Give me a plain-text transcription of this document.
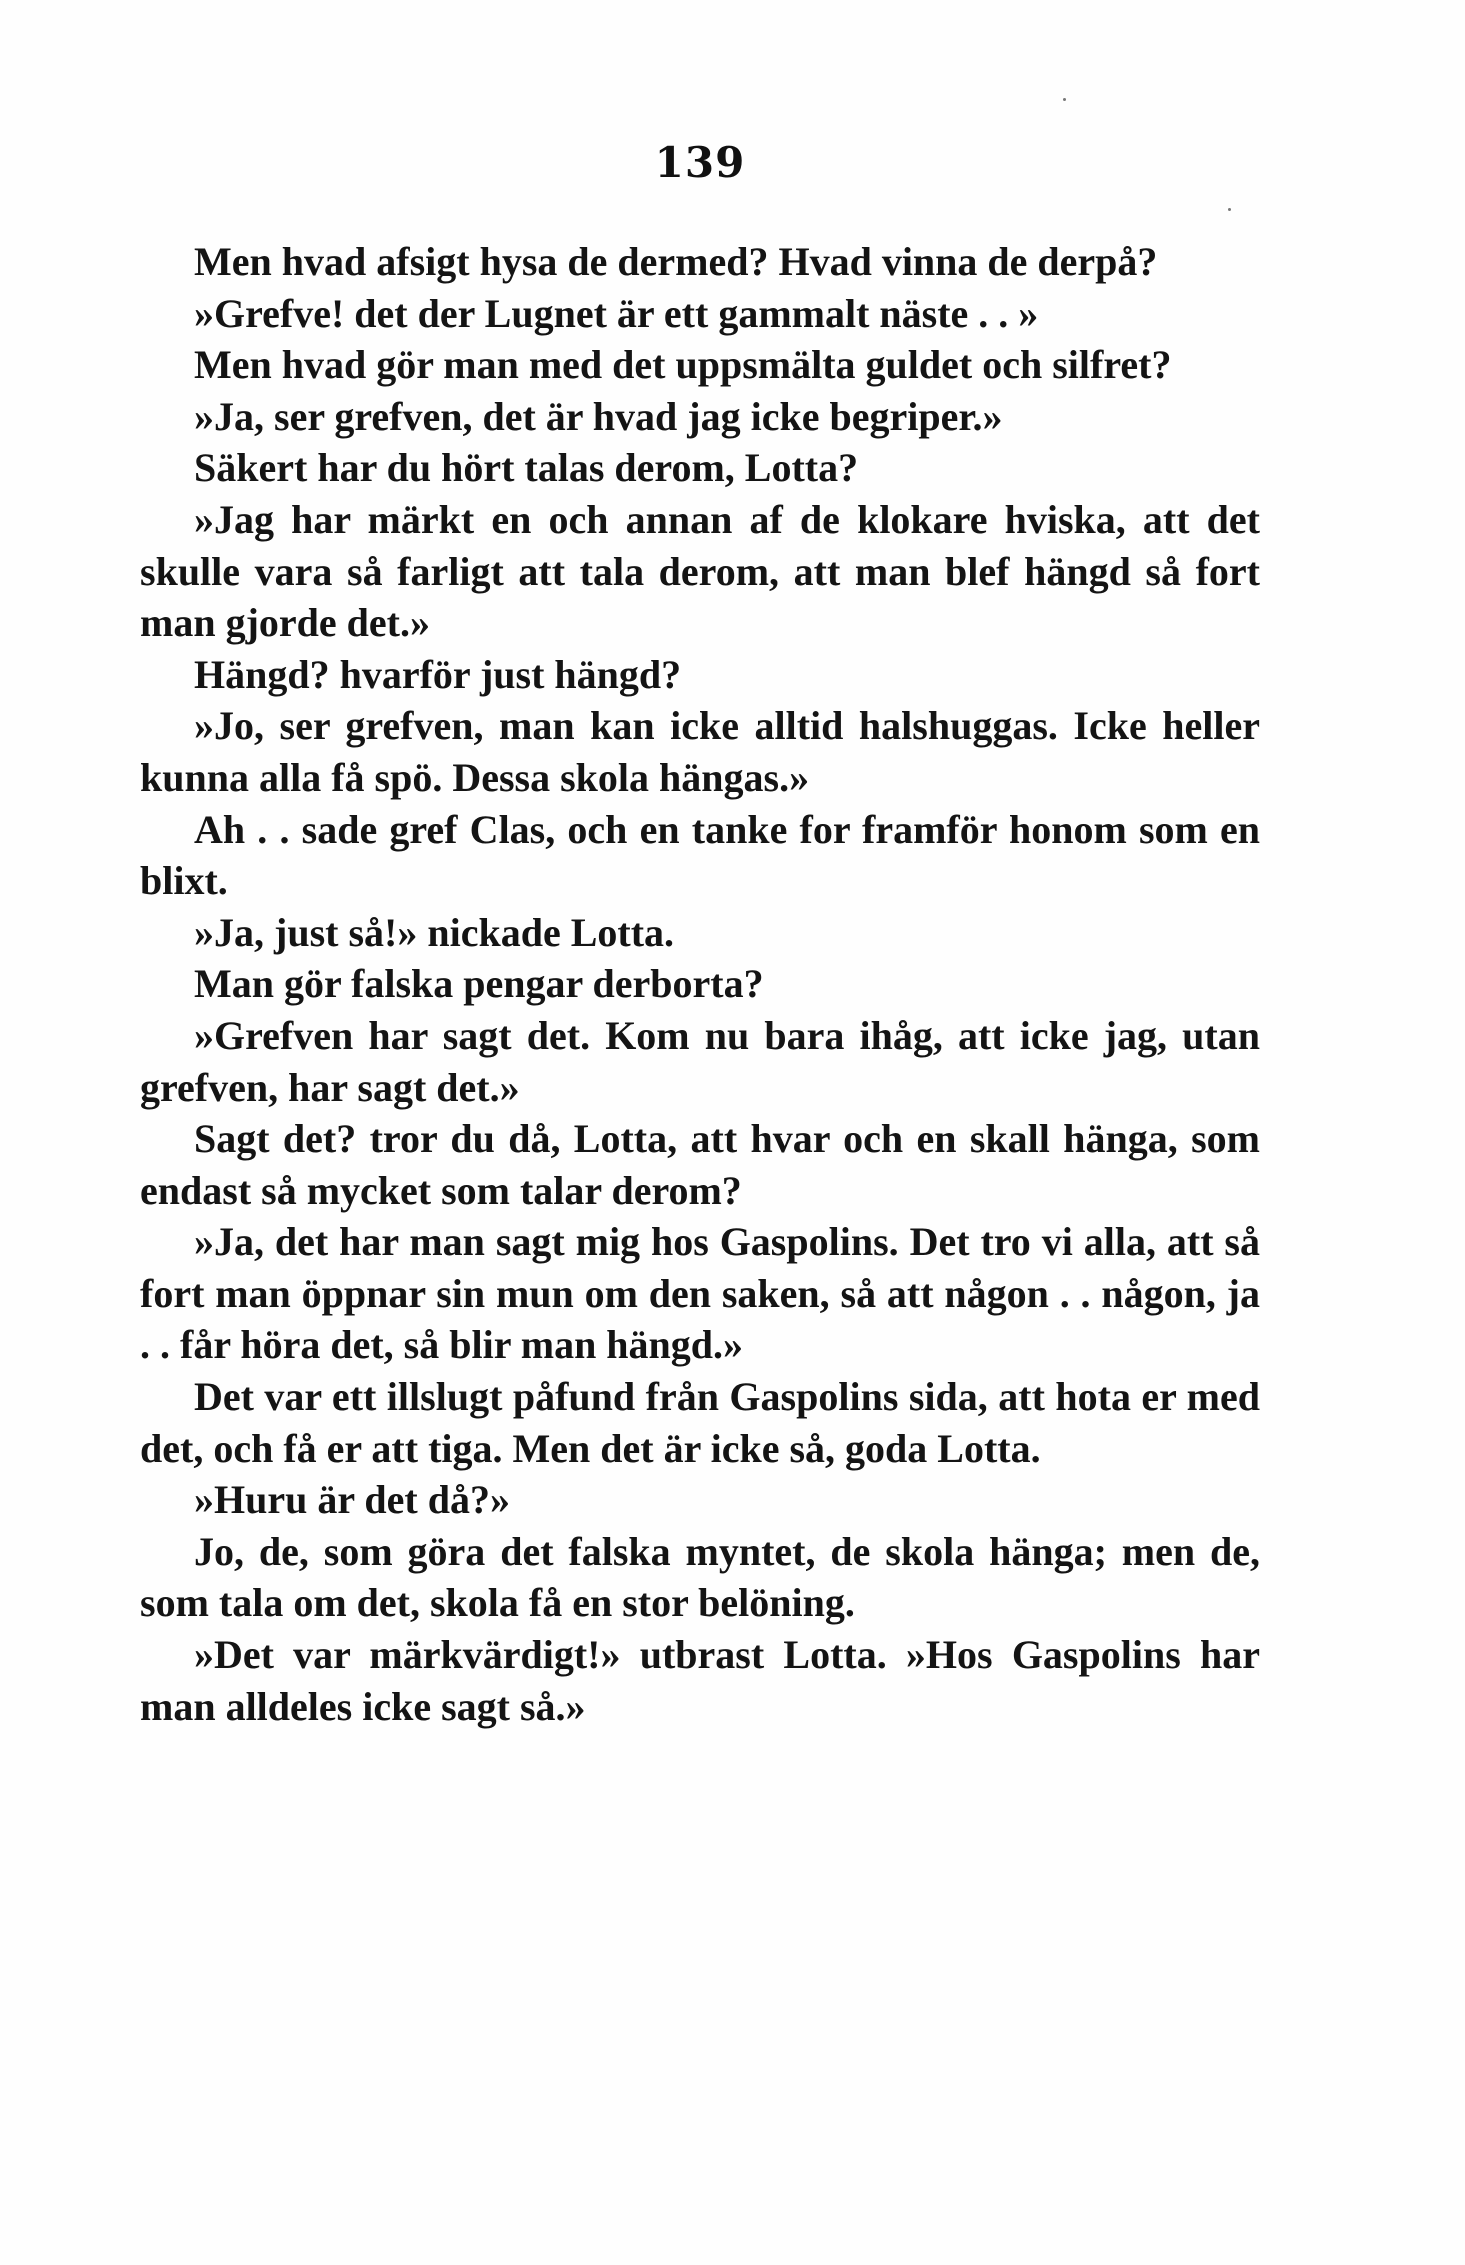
139

Men hvad afsigt hysa de dermed? Hvad vinna de derpå?

»Grefve! det der Lugnet är ett gammalt näste . . »

Men hvad gör man med det uppsmälta guldet och silfret?

»Ja, ser grefven, det är hvad jag icke begriper.»

Säkert har du hört talas derom, Lotta?

»Jag har märkt en och annan af de klokare hviska, att det skulle vara så farligt att tala derom, att man blef hängd så fort man gjorde det.»

Hängd? hvarför just hängd?

»Jo, ser grefven, man kan icke alltid halshuggas. Icke heller kunna alla få spö. Dessa skola hängas.»

Ah . . sade gref Clas, och en tanke for framför honom som en blixt.

»Ja, just så!» nickade Lotta.

Man gör falska pengar derborta?

»Grefven har sagt det. Kom nu bara ihåg, att icke jag, utan grefven, har sagt det.»

Sagt det? tror du då, Lotta, att hvar och en skall hänga, som endast så mycket som talar derom?

»Ja, det har man sagt mig hos Gaspolins. Det tro vi alla, att så fort man öppnar sin mun om den saken, så att någon . . någon, ja . . får höra det, så blir man hängd.»

Det var ett illslugt påfund från Gaspolins sida, att hota er med det, och få er att tiga. Men det är icke så, goda Lotta.

»Huru är det då?»

Jo, de, som göra det falska myntet, de skola hänga; men de, som tala om det, skola få en stor belöning.

»Det var märkvärdigt!» utbrast Lotta. »Hos Gaspolins har man alldeles icke sagt så.»
